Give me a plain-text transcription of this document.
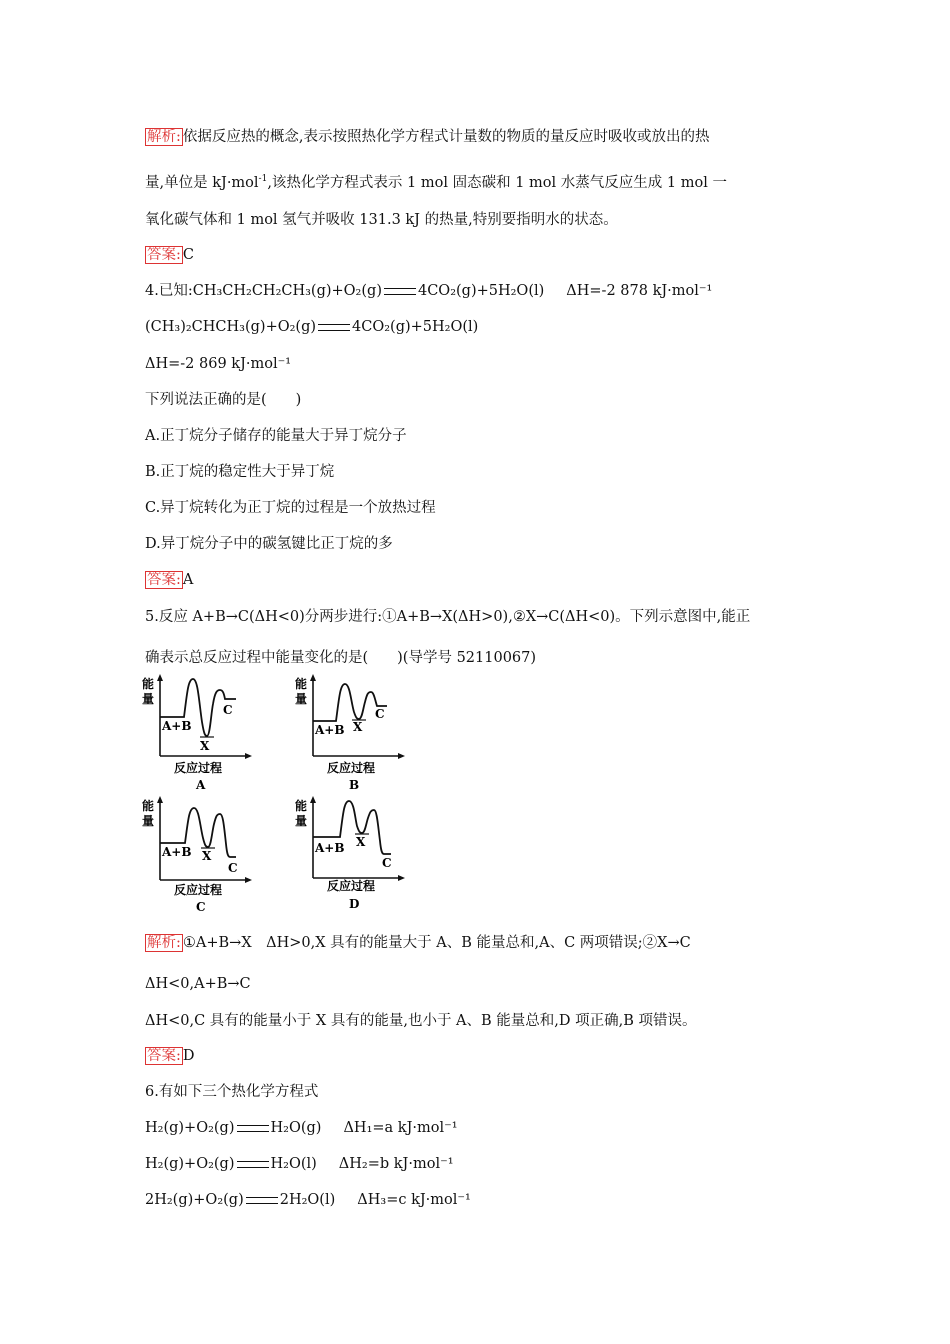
解析: 依据反应热的概念,表示按照热化学方程式计量数的物质的量反应时吸收或放出的热
量,单位是 kJ·mol$^{-1}$,该热化学方程式表示 1 mol 固态碳和 1 mol 水蒸气反应生成 1 mol 一
氧化碳气体和 1 mol 氢气并吸收 131.3 kJ 的热量,特别要指明水的状态。
答案: C
4.已知:CH₃CH₂CH₂CH₃(g)+O₂(g) 4CO₂(g)+5H₂O(l) ΔH=-2 878 kJ·mol⁻¹
(CH₃)₂CHCH₃(g)+O₂(g) 4CO₂(g)+5H₂O(l)
ΔH=-2 869 kJ·mol⁻¹
下列说法正确的是(　　)
A.正丁烷分子储存的能量大于异丁烷分子
B.正丁烷的稳定性大于异丁烷
C.异丁烷转化为正丁烷的过程是一个放热过程
D.异丁烷分子中的碳氢键比正丁烷的多
答案: A
5.反应 A+B→C(ΔH<0)分两步进行:①A+B→X(ΔH>0),②X→C(ΔH<0)。下列示意图中,能正
确表示总反应过程中能量变化的是(　　)(导学号 52110067)
能
量
A+B
X
C
反应过程
A
能
量
A+B X
C
反应过程
B
能
量
A+B X
C
反应过程
C
能
量
A+B X
C
反应过程
D
解析: ①A+B→X　ΔH>0,X 具有的能量大于 A、B 能量总和,A、C 两项错误;②X→C
ΔH<0,A+B→C
ΔH<0,C 具有的能量小于 X 具有的能量,也小于 A、B 能量总和,D 项正确,B 项错误。
答案: D
6.有如下三个热化学方程式
H₂(g)+O₂(g) H₂O(g) ΔH₁=a kJ·mol⁻¹
H₂(g)+O₂(g) H₂O(l) ΔH₂=b kJ·mol⁻¹
2H₂(g)+O₂(g) 2H₂O(l) ΔH₃=c kJ·mol⁻¹
